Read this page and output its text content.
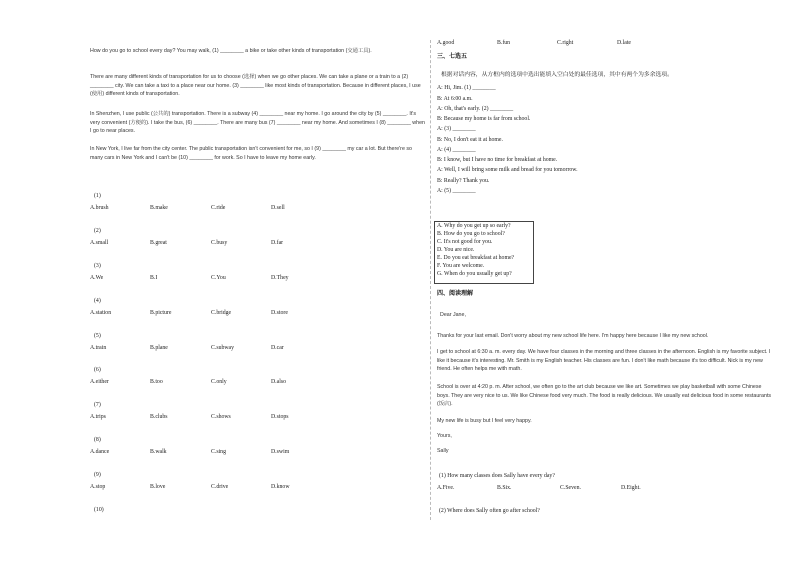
How do you go to school every day? You may walk, (1) ________ a bike or take other kinds of transportation (交通工具).
There are many different kinds of transportation for us to choose (选择) when we go other places. We can take a plane or a train to a (2) ________ city. We can take a taxi to a place near our home. (3) ________ like most kinds of transportation. Because in different places, I use (使用) different kinds of transportation.
In Shenzhen, I use public (公共的) transportation. There is a subway (4) ________ near my home. I go around the city by (5) ________. It's very convenient (方便的). I take the bus, (6) ________. There are many bus (7) ________ near my home. And sometimes I (8) ________ when I go to near places.
In New York, I live far from the city center. The public transportation isn't convenient for me, so I (9) ________ my car a lot. But there're so many cars in New York and I can't be (10) ________ for work. So I have to leave my home early.
(1)
A.brush	B.make	C.ride	D.sell
(2)
A.small	B.great	C.busy	D.far
(3)
A.We	B.I	C.You	D.They
(4)
A.station	B.picture	C.bridge	D.store
(5)
A.train	B.plane	C.subway	D.car
(6)
A.either	B.too	C.only	D.also
(7)
A.trips	B.clubs	C.shows	D.stops
(8)
A.dance	B.walk	C.sing	D.swim
(9)
A.stop	B.love	C.drive	D.know
(10)
A.good	B.fun	C.right	D.late
三、七选五
根据对话内容，从方框内的选项中选出能填入空白处的最佳选项，其中有两个为多余选项。
A: Hi, Jim. (1) ________
B: At 6:00 a.m.
A: Oh, that's early. (2) ________
B: Because my home is far from school.
A: (3) ________
B: No, I don't eat it at home.
A: (4) ________
B: I know, but I have no time for breakfast at home.
A: Well, I will bring some milk and bread for you tomorrow.
B: Really? Thank you.
A: (5) ________
A. Why do you get up so early?
B. How do you go to school?
C. It's not good for you.
D. You are nice.
E. Do you eat breakfast at home?
F. You are welcome.
G. When do you usually get up?
四、阅读理解
Dear Jane,
Thanks for your last email. Don't worry about my new school life here. I'm happy here because I like my new school.
I get to school at 6:30 a. m. every day. We have four classes in the morning and three classes in the afternoon. English is my favorite subject. I like it because it's interesting. Mr. Smith is my English teacher. His classes are fun. I don't like math because it's too difficult. Nick is my new friend. He often helps me with math.
School is over at 4:20 p. m. After school, we often go to the art club because we like art. Sometimes we play basketball with some Chinese boys. They are very nice to us. We like Chinese food very much. The food is really delicious. We usually eat delicious food in some restaurants (饭店).
My new life is busy but I feel very happy.
Yours,
Sally
(1) How many classes does Sally have every day?
A.Five.	B.Six.	C.Seven.	D.Eight.
(2) Where does Sally often go after school?
